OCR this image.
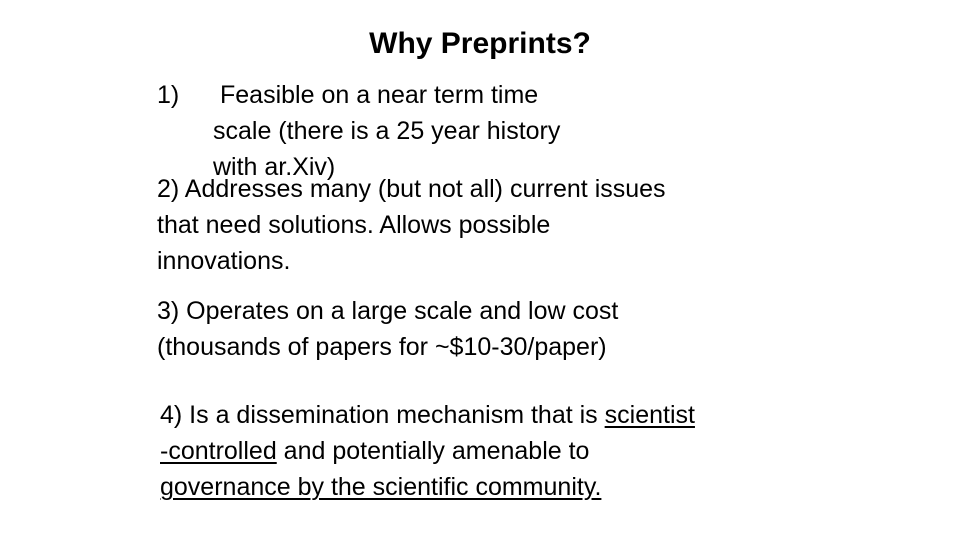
Why Preprints?
1) Feasible on a near term time
scale (there is a 25 year history
with ar.Xiv)
2) Addresses many (but not all) current issues
that need solutions. Allows possible
innovations.
3) Operates on a large scale and low cost
(thousands of papers for ~$10-30/paper)
4) Is a dissemination mechanism that is scientist
-controlled and potentially amenable to
governance by the scientific community.
